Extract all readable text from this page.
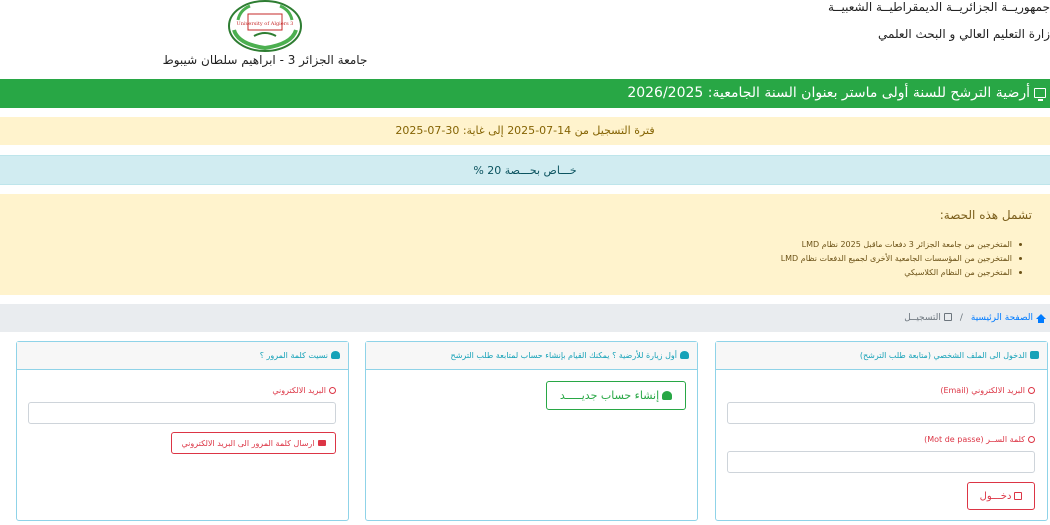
جمهوريــة الجزائريــة الديمقراطيــة الشعبيــة
زارة التعليم العالي و البحث العلمي
University of Algiers 3
جامعة الجزائر 3 - ابراهيم سلطان شيبوط
أرضية الترشح للسنة أولى ماستر بعنوان السنة الجامعية: 2026/2025
فترة التسجيل من 14-07-2025 إلى غاية: 30-07-2025
خـــاص بحـــصة 20 %
تشمل هذه الحصة:
المتخرجين من جامعة الجزائر 3 دفعات ماقبل 2025 نظام LMD
المتخرجين من المؤسسات الجامعية الأخرى لجميع الدفعات نظام LMD
المتخرجين من النظام الكلاسيكي
الصفحة الرئيسية/التسجيــل
الدخول الى الملف الشخصي (متابعة طلب الترشح)
البريد الالكتروني (Email)
كلمة الســر (Mot de passe)
دخـــول
أول زيارة للأرضية ؟ يمكنك القيام بإنشاء حساب لمتابعة طلب الترشح
إنشاء حساب جديـــــد
نسيت كلمة المرور ؟
البريد الالكتروني
ارسال كلمة المرور الى البريد الالكتروني
